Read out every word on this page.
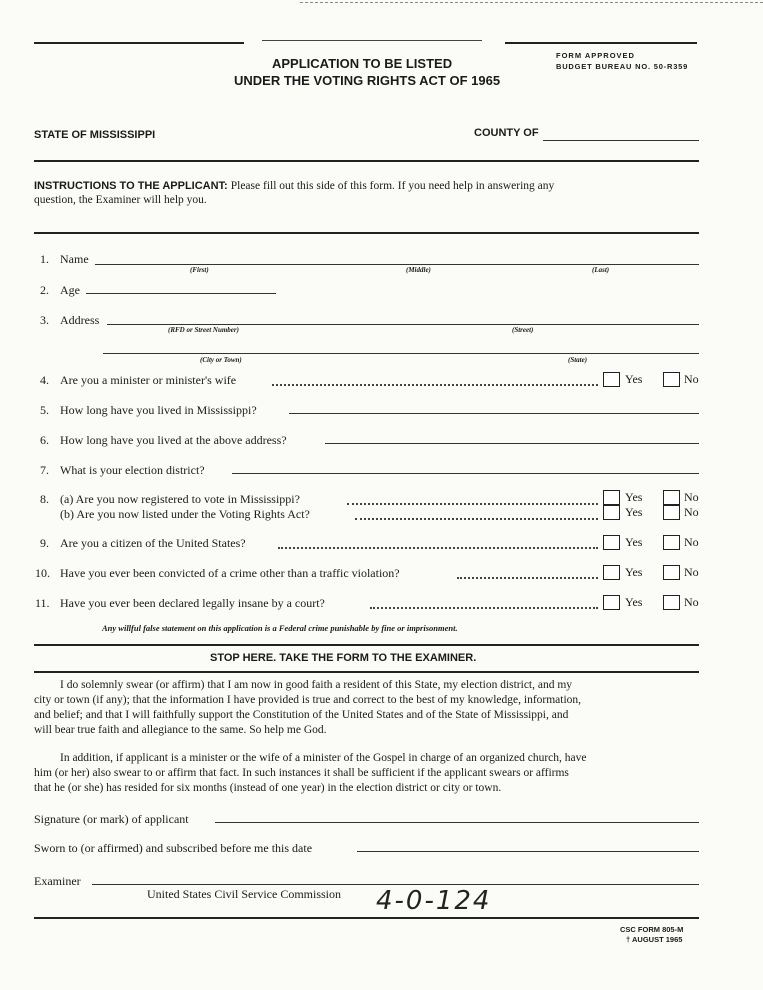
APPLICATION TO BE LISTED
UNDER THE VOTING RIGHTS ACT OF 1965
FORM APPROVED
BUDGET BUREAU NO. 50-R359
STATE OF MISSISSIPPI	COUNTY OF
INSTRUCTIONS TO THE APPLICANT: Please fill out this side of this form. If you need help in answering any
question, the Examiner will help you.
1. Name
(First)	(Middle)	(Last)
2. Age
3. Address
(RFD or Street Number)	(Street)
(City or Town)	(State)
4. Are you a minister or minister's wife	Yes	No
5. How long have you lived in Mississippi?
6. How long have you lived at the above address?
7. What is your election district?
8. (a) Are you now registered to vote in Mississippi?	Yes	No
(b) Are you now listed under the Voting Rights Act?	Yes	No
9. Are you a citizen of the United States?	Yes	No
10. Have you ever been convicted of a crime other than a traffic violation?	Yes	No
11. Have you ever been declared legally insane by a court?	Yes	No
Any willful false statement on this application is a Federal crime punishable by fine or imprisonment.
STOP HERE. TAKE THE FORM TO THE EXAMINER.
I do solemnly swear (or affirm) that I am now in good faith a resident of this State, my election district, and my
city or town (if any); that the information I have provided is true and correct to the best of my knowledge, information,
and belief; and that I will faithfully support the Constitution of the United States and of the State of Mississippi, and
will bear true faith and allegiance to the same. So help me God.
In addition, if applicant is a minister or the wife of a minister of the Gospel in charge of an organized church, have
him (or her) also swear to or affirm that fact. In such instances it shall be sufficient if the applicant swears or affirms
that he (or she) has resided for six months (instead of one year) in the election district or city or town.
Signature (or mark) of applicant
Sworn to (or affirmed) and subscribed before me this date
Examiner
United States Civil Service Commission 4-0-124
CSC FORM 805-M
† AUGUST 1965
